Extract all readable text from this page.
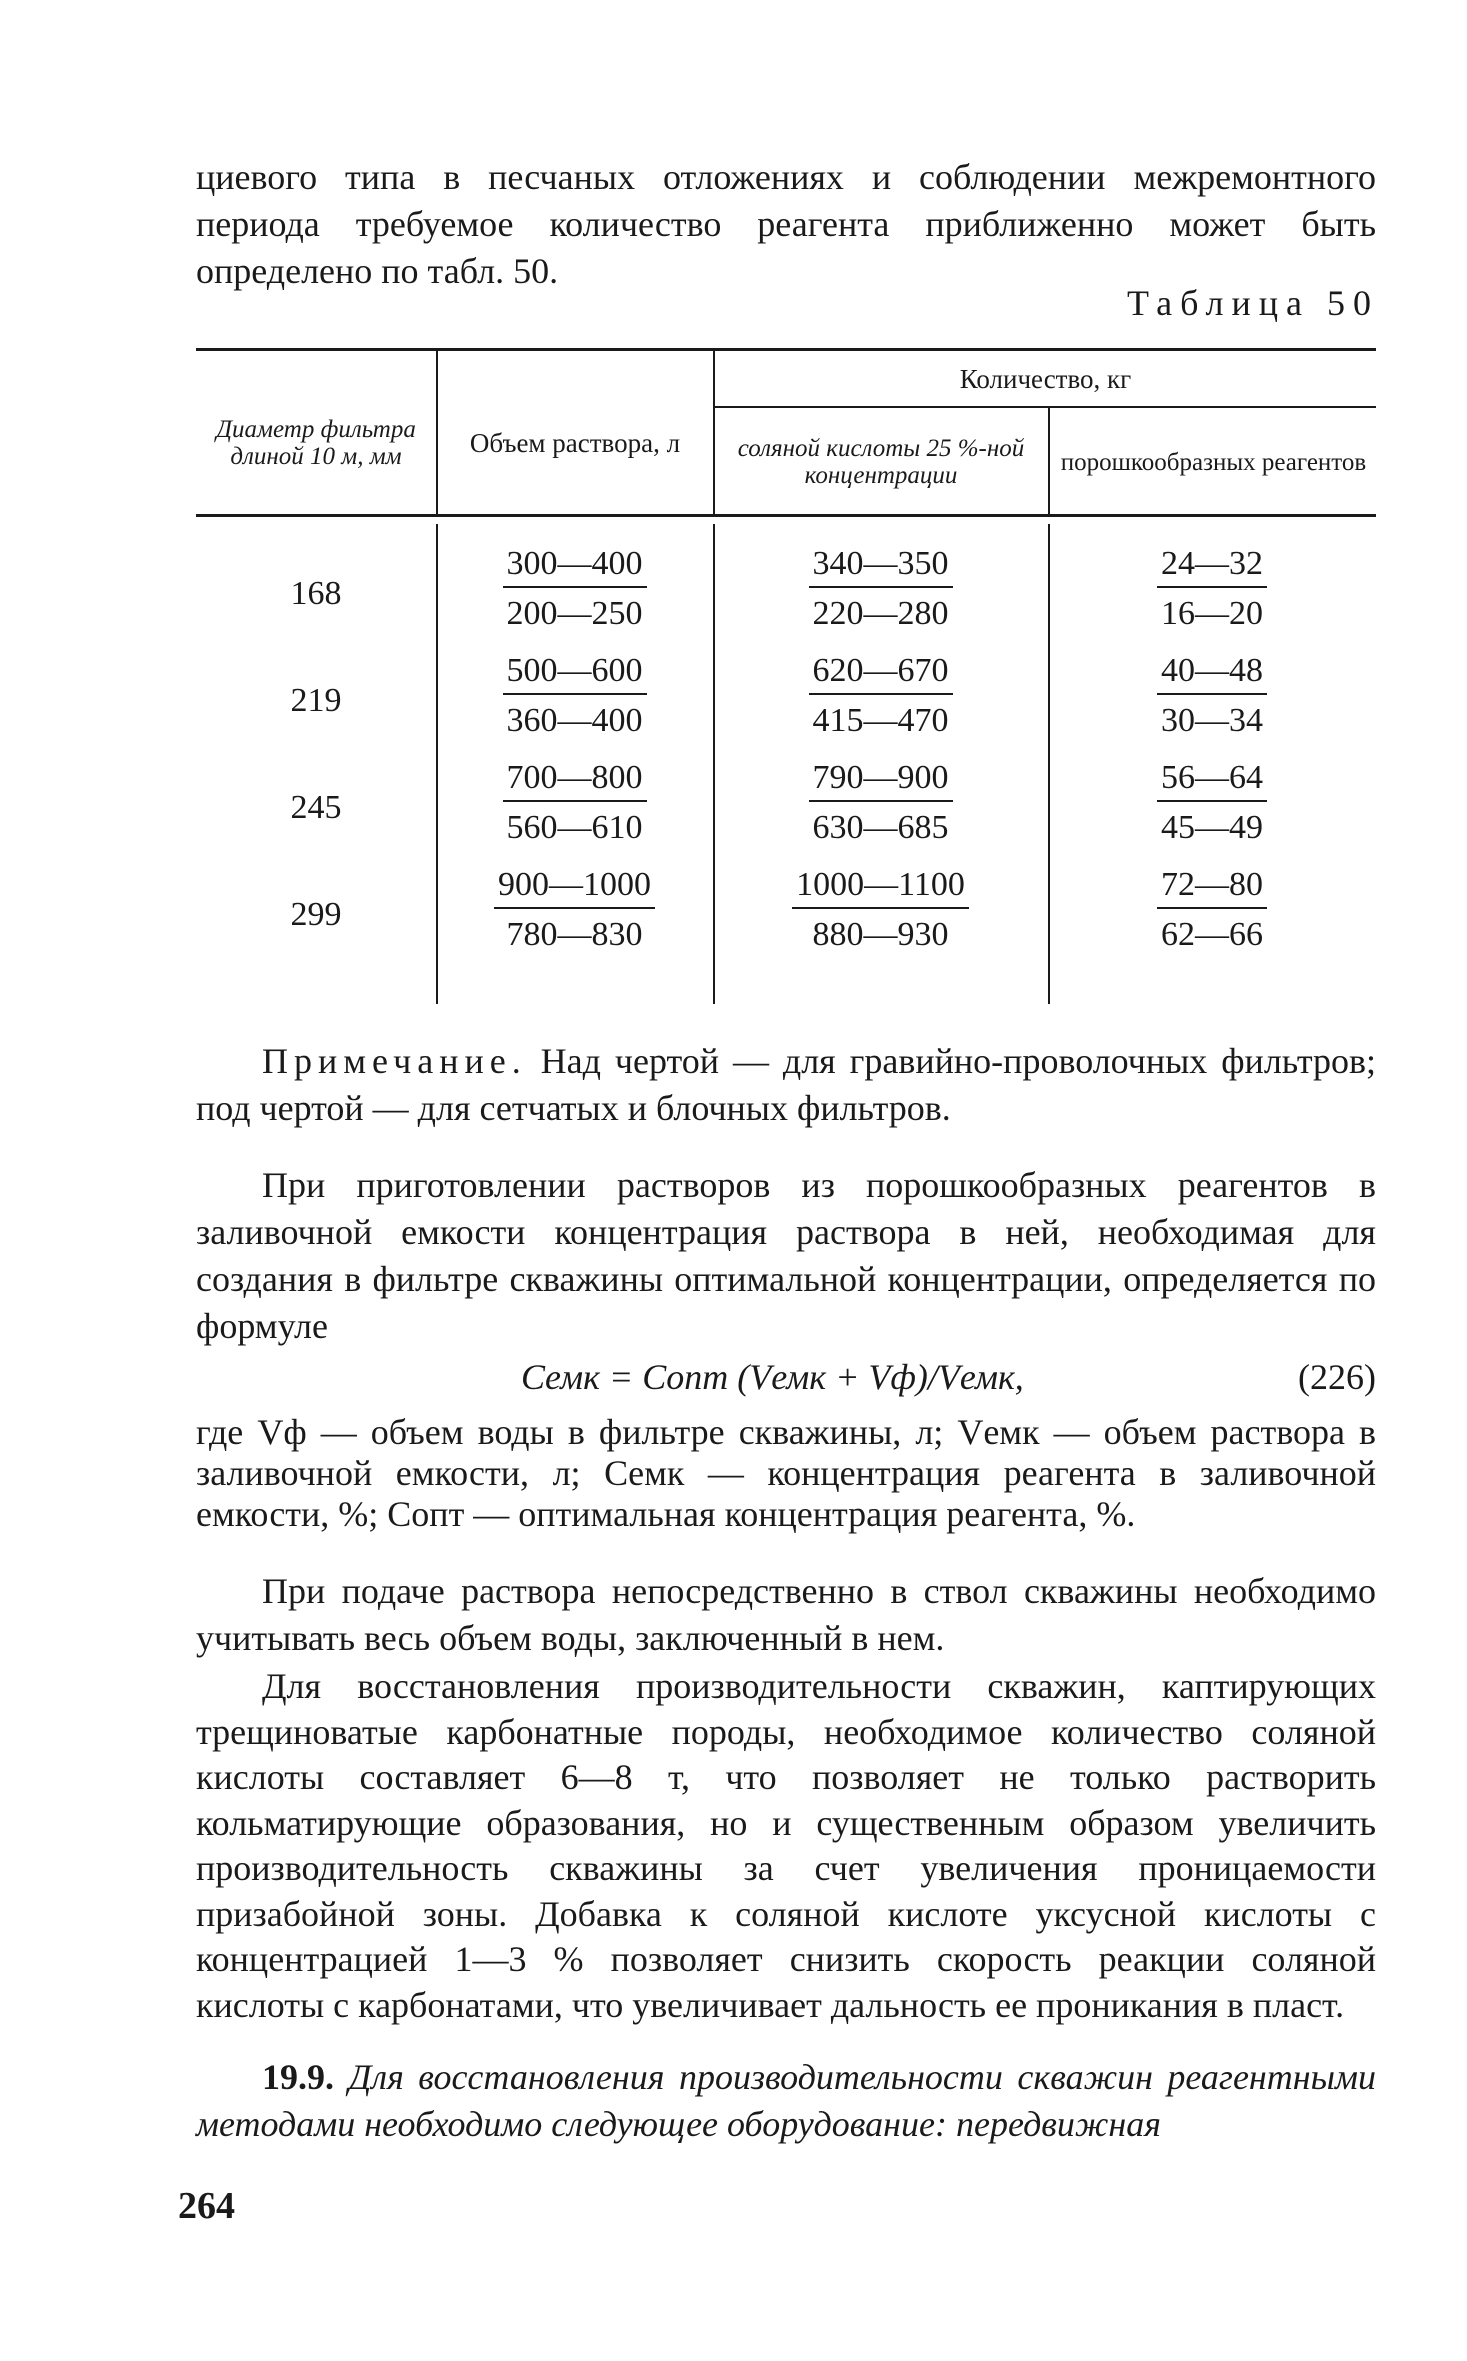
циевого типа в песчаных отложениях и соблюдении межремонтного периода требуемое количество реагента приближенно может быть определено по табл. 50.

Таблица 50
Диаметр фильтра длиной 10 м, мм	Объем раствора, л
Количество, кг
соляной кислоты 25 %-ной концентрации	порошкообразных реагентов
168	$\frac{300—400}{200—250} \frac{340—350}{220—280} \frac{24—32}{16—20}$
219	$\frac{500—600}{360—400} \frac{620—670}{415—470} \frac{40—48}{30—34}$
245	$\frac{700—800}{560—610} \frac{790—900}{630—685} \frac{56—64}{45—49}$
299	$\frac{900—1000}{780—830} \frac{1000—1100}{880—930} \frac{72—80}{62—66}$

Примечание. Над чертой — для гравийно-проволочных фильтров; под чертой — для сетчатых и блочных фильтров.

При приготовлении растворов из порошкообразных реагентов в заливочной емкости концентрация раствора в ней, необходимая для создания в фильтре скважины оптимальной концентрации, определяется по формуле

Cемк = Cопт (Vемк + Vф)/Vемк,	(226)

где Vф — объем воды в фильтре скважины, л; Vемк — объем раствора в заливочной емкости, л; Cемк — концентрация реагента в заливочной емкости, %; Cопт — оптимальная концентрация реагента, %.

При подаче раствора непосредственно в ствол скважины необходимо учитывать весь объем воды, заключенный в нем.

Для восстановления производительности скважин, каптирующих трещиноватые карбонатные породы, необходимое количество соляной кислоты составляет 6—8 т, что позволяет не только растворить кольматирующие образования, но и существенным образом увеличить производительность скважины за счет увеличения проницаемости призабойной зоны. Добавка к соляной кислоте уксусной кислоты с концентрацией 1—3 % позволяет снизить скорость реакции соляной кислоты с карбонатами, что увеличивает дальность ее проникания в пласт.

19.9. Для восстановления производительности скважин реагентными методами необходимо следующее оборудование: передвижная

264
